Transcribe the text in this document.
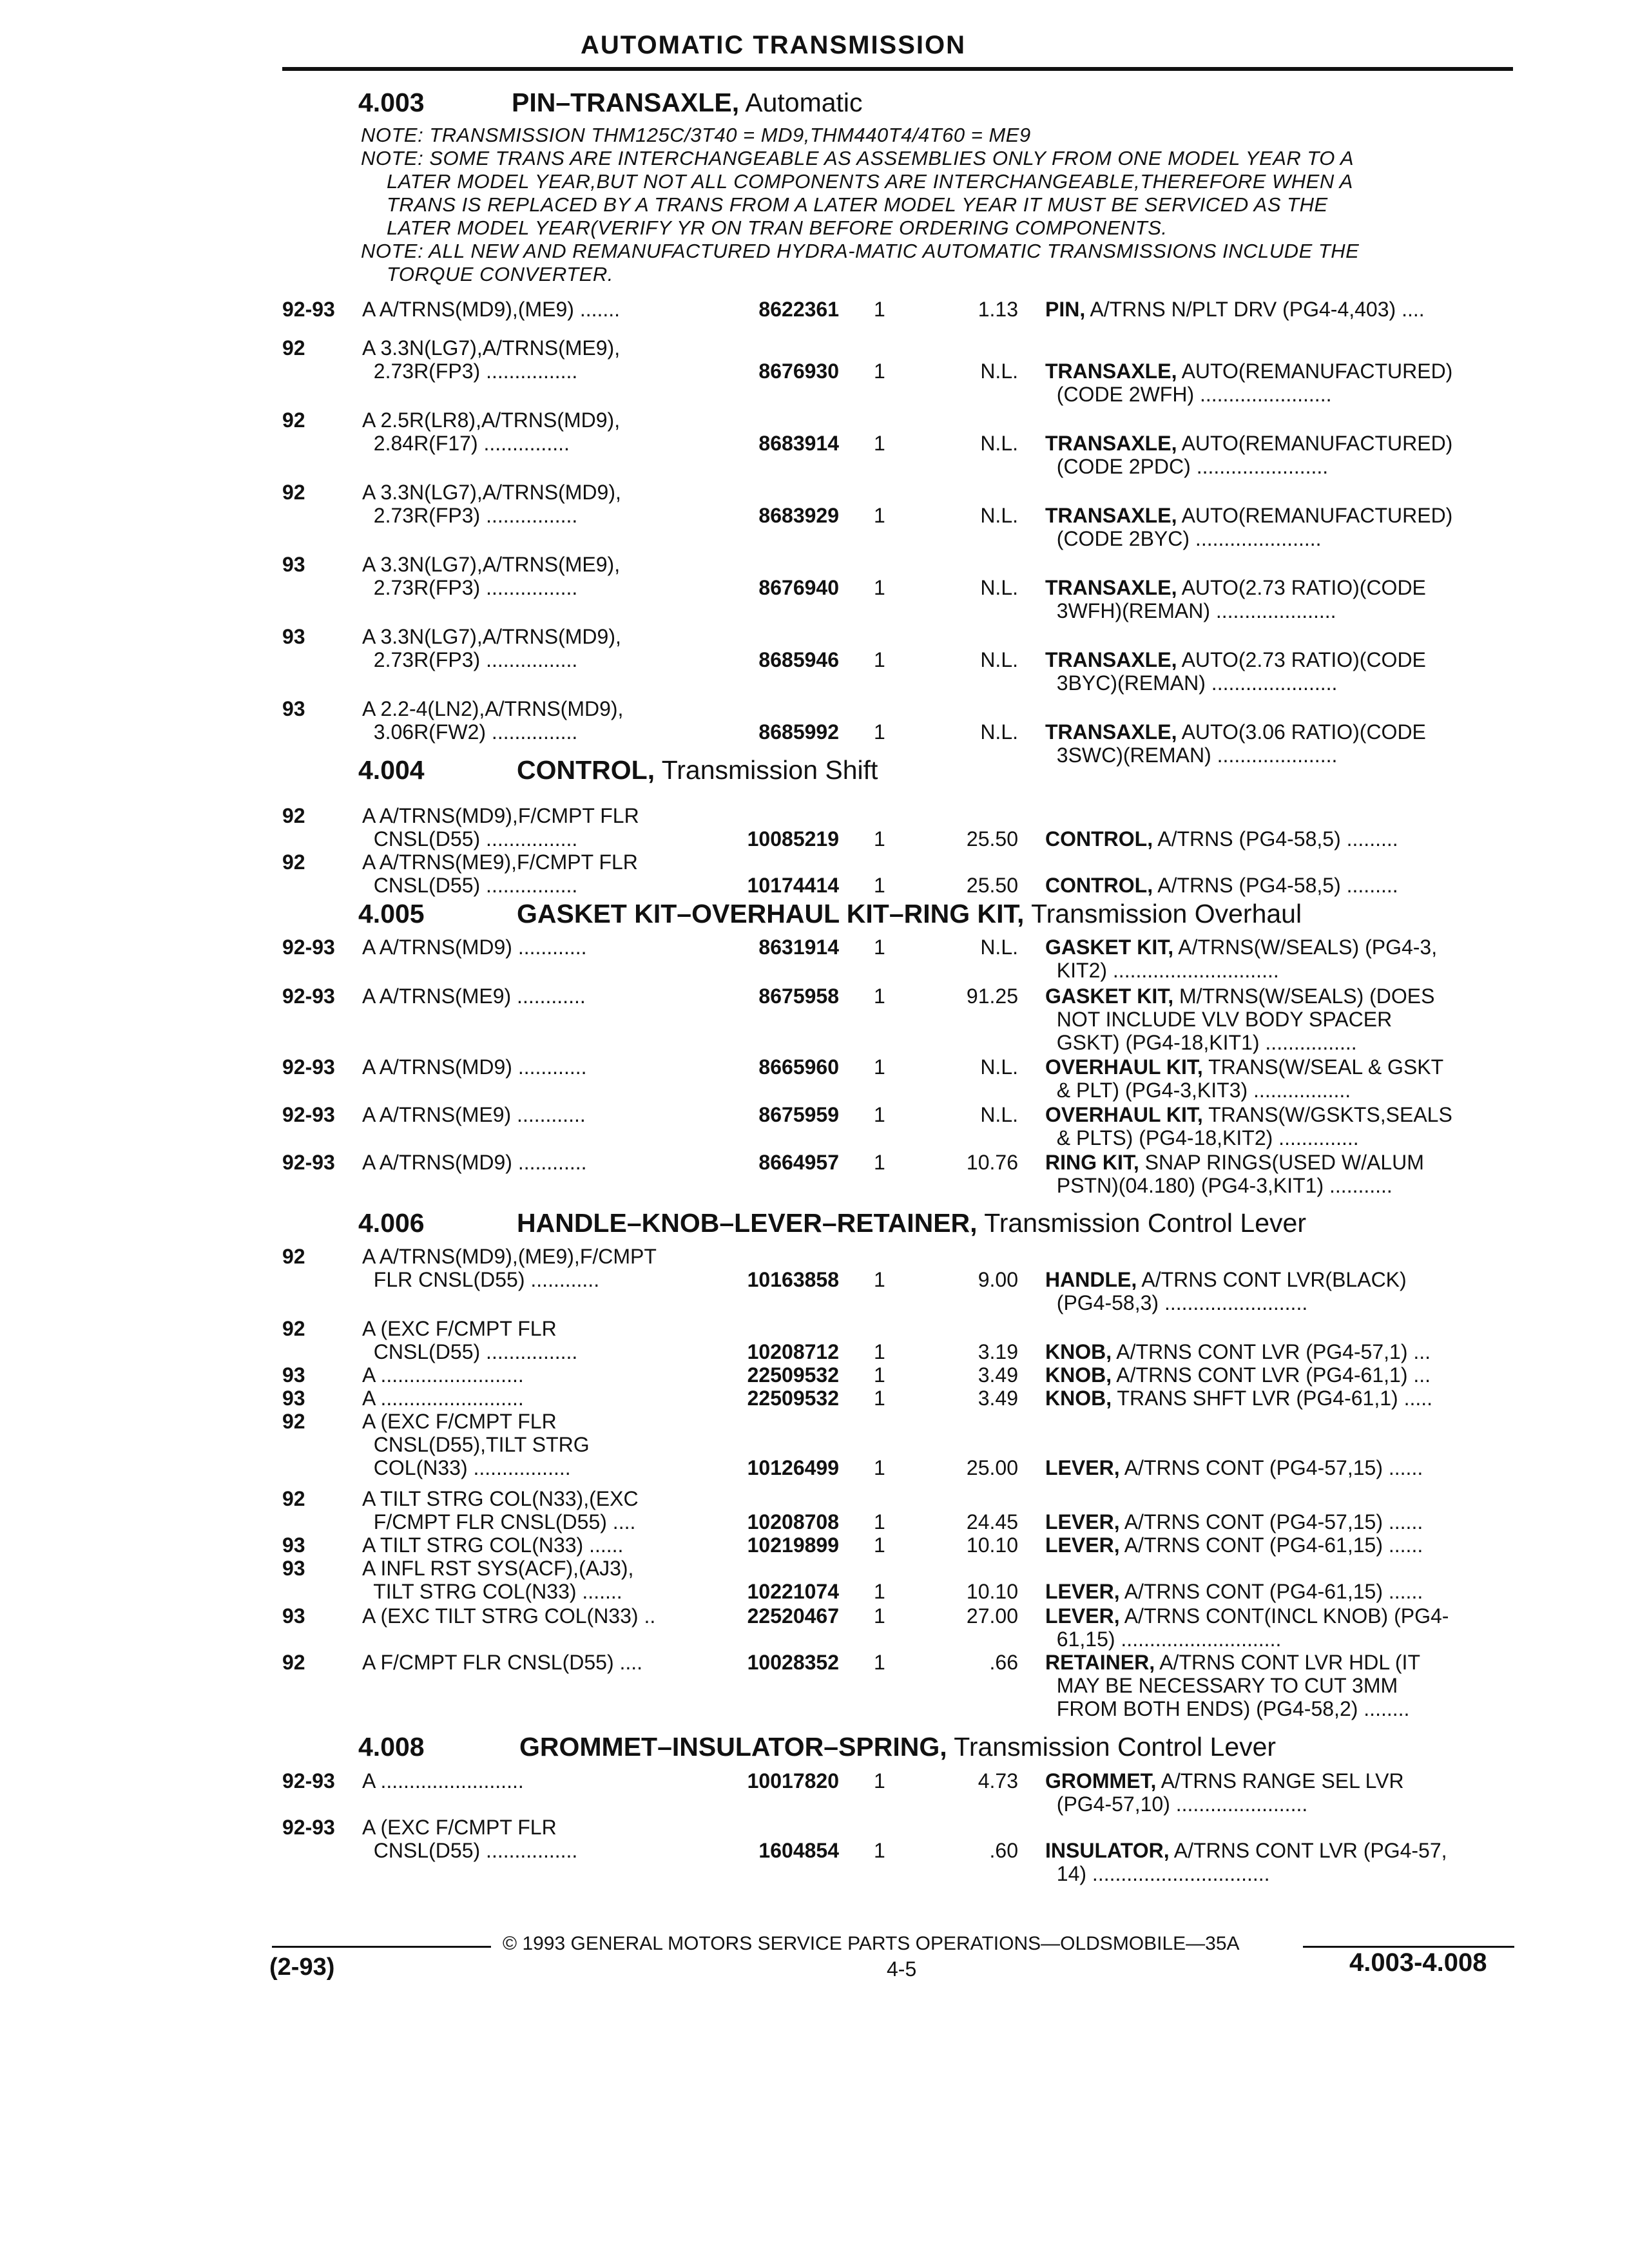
AUTOMATIC TRANSMISSION
4.003	PIN–TRANSAXLE, Automatic
4.004	CONTROL, Transmission Shift
4.005	GASKET KIT–OVERHAUL KIT–RING KIT, Transmission Overhaul
4.006	HANDLE–KNOB–LEVER–RETAINER, Transmission Control Lever
4.008	GROMMET–INSULATOR–SPRING, Transmission Control Lever
NOTE: TRANSMISSION THM125C/3T40 = MD9,THM440T4/4T60 = ME9
NOTE: SOME TRANS ARE INTERCHANGEABLE AS ASSEMBLIES ONLY FROM ONE MODEL YEAR TO A
LATER MODEL YEAR,BUT NOT ALL COMPONENTS ARE INTERCHANGEABLE,THEREFORE WHEN A
TRANS IS REPLACED BY A TRANS FROM A LATER MODEL YEAR IT MUST BE SERVICED AS THE
LATER MODEL YEAR(VERIFY YR ON TRAN BEFORE ORDERING COMPONENTS.
NOTE: ALL NEW AND REMANUFACTURED HYDRA-MATIC AUTOMATIC TRANSMISSIONS INCLUDE THE
TORQUE CONVERTER.
92-93 A A/TRNS(MD9),(ME9) .......	8622361 1	1.13 PIN, A/TRNS N/PLT DRV (PG4-4,403) ....
92	A 3.3N(LG7),A/TRNS(ME9),
2.73R(FP3) ................	8676930 1	N.L. TRANSAXLE, AUTO(REMANUFACTURED)
(CODE 2WFH) .......................
92	A 2.5R(LR8),A/TRNS(MD9),
2.84R(F17) ...............	8683914 1	N.L. TRANSAXLE, AUTO(REMANUFACTURED)
(CODE 2PDC) .......................
92	A 3.3N(LG7),A/TRNS(MD9),
2.73R(FP3) ................	8683929 1	N.L. TRANSAXLE, AUTO(REMANUFACTURED)
(CODE 2BYC) ......................
93	A 3.3N(LG7),A/TRNS(ME9),
2.73R(FP3) ................	8676940 1	N.L. TRANSAXLE, AUTO(2.73 RATIO)(CODE
3WFH)(REMAN) .....................
93	A 3.3N(LG7),A/TRNS(MD9),
2.73R(FP3) ................	8685946 1	N.L. TRANSAXLE, AUTO(2.73 RATIO)(CODE
3BYC)(REMAN) ......................
93	A 2.2-4(LN2),A/TRNS(MD9),
3.06R(FW2) ...............	8685992 1	N.L. TRANSAXLE, AUTO(3.06 RATIO)(CODE
3SWC)(REMAN) .....................
92	A A/TRNS(MD9),F/CMPT FLR
CNSL(D55) ................	10085219 1	25.50 CONTROL, A/TRNS (PG4-58,5) .........
92	A A/TRNS(ME9),F/CMPT FLR
CNSL(D55) ................	10174414 1	25.50 CONTROL, A/TRNS (PG4-58,5) .........
92-93 A A/TRNS(MD9) ............	8631914 1	N.L. GASKET KIT, A/TRNS(W/SEALS) (PG4-3,
KIT2) .............................
92-93 A A/TRNS(ME9) ............	8675958 1	91.25 GASKET KIT, M/TRNS(W/SEALS) (DOES
NOT INCLUDE VLV BODY SPACER
GSKT) (PG4-18,KIT1) ................
92-93 A A/TRNS(MD9) ............	8665960 1	N.L. OVERHAUL KIT, TRANS(W/SEAL & GSKT
& PLT) (PG4-3,KIT3) .................
92-93 A A/TRNS(ME9) ............	8675959 1	N.L. OVERHAUL KIT, TRANS(W/GSKTS,SEALS
& PLTS) (PG4-18,KIT2) ..............
92-93 A A/TRNS(MD9) ............	8664957 1	10.76 RING KIT, SNAP RINGS(USED W/ALUM
PSTN)(04.180) (PG4-3,KIT1) ...........
92	A A/TRNS(MD9),(ME9),F/CMPT
FLR CNSL(D55) ............	10163858 1	9.00 HANDLE, A/TRNS CONT LVR(BLACK)
(PG4-58,3) .........................
92	A (EXC F/CMPT FLR
CNSL(D55) ................	10208712 1	3.19 KNOB, A/TRNS CONT LVR (PG4-57,1) ...
93	A .........................	22509532 1	3.49 KNOB, A/TRNS CONT LVR (PG4-61,1) ...
93	A .........................	22509532 1	3.49 KNOB, TRANS SHFT LVR (PG4-61,1) .....
92	A (EXC F/CMPT FLR
CNSL(D55),TILT STRG
COL(N33) .................	10126499 1	25.00 LEVER, A/TRNS CONT (PG4-57,15) ......
92	A TILT STRG COL(N33),(EXC
F/CMPT FLR CNSL(D55) ....	10208708 1	24.45 LEVER, A/TRNS CONT (PG4-57,15) ......
93	A TILT STRG COL(N33) ......	10219899 1	10.10 LEVER, A/TRNS CONT (PG4-61,15) ......
93	A INFL RST SYS(ACF),(AJ3),
TILT STRG COL(N33) .......	10221074 1	10.10 LEVER, A/TRNS CONT (PG4-61,15) ......
93	A (EXC TILT STRG COL(N33) ..	22520467 1	27.00 LEVER, A/TRNS CONT(INCL KNOB) (PG4-
61,15) ............................
92	A F/CMPT FLR CNSL(D55) ....	10028352 1	.66 RETAINER, A/TRNS CONT LVR HDL (IT
MAY BE NECESSARY TO CUT 3MM
FROM BOTH ENDS) (PG4-58,2) ........
92-93 A .........................	10017820 1	4.73 GROMMET, A/TRNS RANGE SEL LVR
(PG4-57,10) .......................
92-93 A (EXC F/CMPT FLR
CNSL(D55) ................	1604854 1	.60 INSULATOR, A/TRNS CONT LVR (PG4-57,
14) ...............................
© 1993 GENERAL MOTORS SERVICE PARTS OPERATIONS—OLDSMOBILE—35A
(2-93)	4-5	4.003-4.008
